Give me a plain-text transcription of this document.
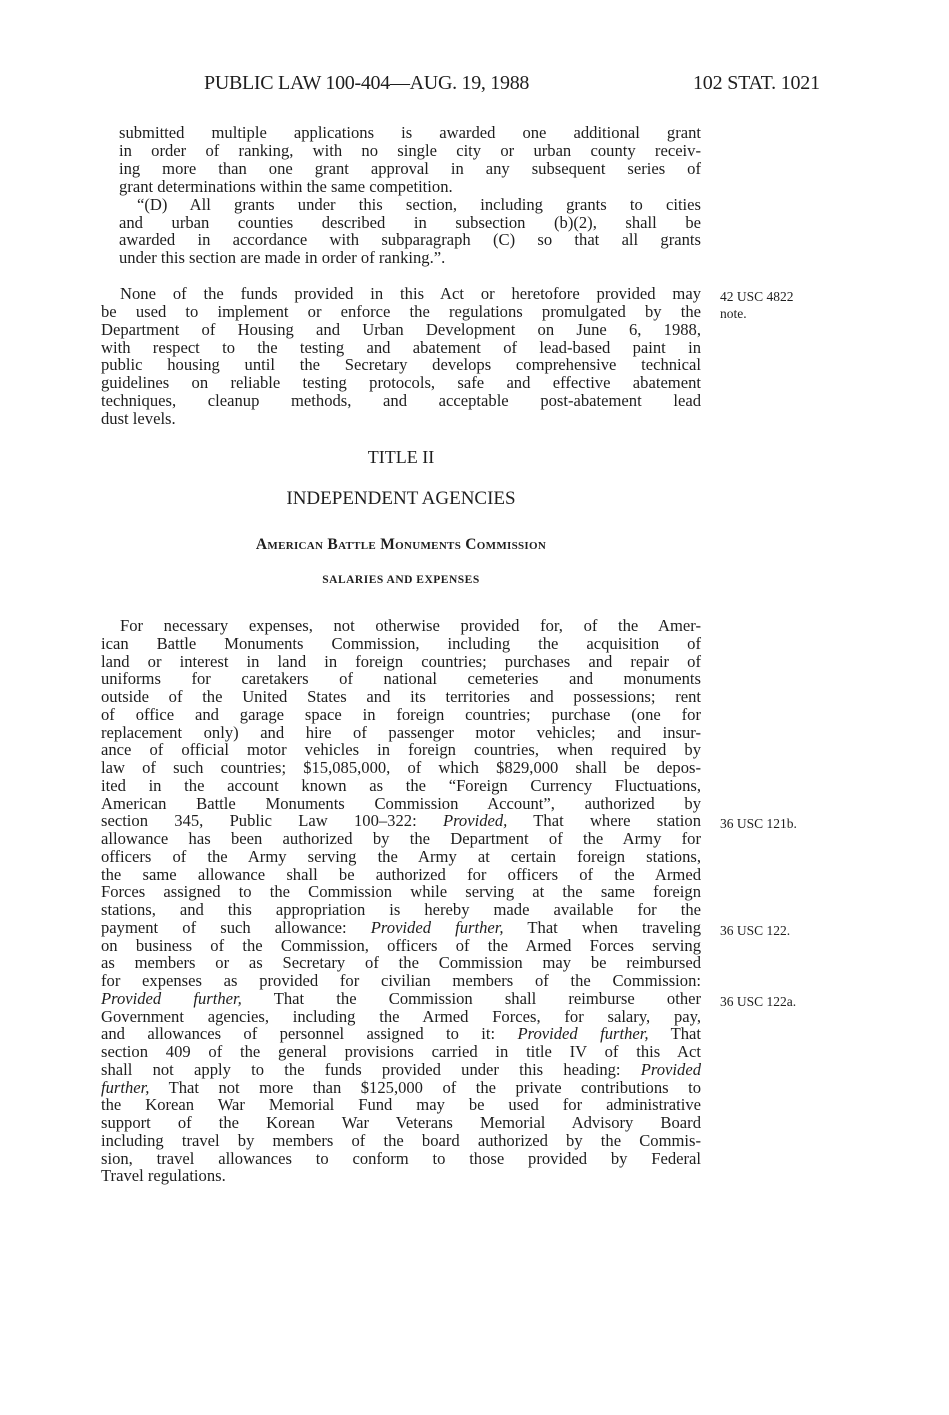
PUBLIC LAW 100-404—AUG. 19, 1988	102 STAT. 1021
submitted multiple applications is awarded one additional grant
in order of ranking, with no single city or urban county receiv-
ing more than one grant approval in any subsequent series of
grant determinations within the same competition.
“(D) All grants under this section, including grants to cities
and urban counties described in subsection (b)(2), shall be
awarded in accordance with subparagraph (C) so that all grants
under this section are made in order of ranking.”.
None of the funds provided in this Act or heretofore provided may
be used to implement or enforce the regulations promulgated by the
Department of Housing and Urban Development on June 6, 1988,
with respect to the testing and abatement of lead-based paint in
public housing until the Secretary develops comprehensive technical
guidelines on reliable testing protocols, safe and effective abatement
techniques, cleanup methods, and acceptable post-abatement lead
dust levels.
42 USC 4822
note.
TITLE II
INDEPENDENT AGENCIES
American Battle Monuments Commission
SALARIES AND EXPENSES
For necessary expenses, not otherwise provided for, of the Amer-
ican Battle Monuments Commission, including the acquisition of
land or interest in land in foreign countries; purchases and repair of
uniforms for caretakers of national cemeteries and monuments
outside of the United States and its territories and possessions; rent
of office and garage space in foreign countries; purchase (one for
replacement only) and hire of passenger motor vehicles; and insur-
ance of official motor vehicles in foreign countries, when required by
law of such countries; $15,085,000, of which $829,000 shall be depos-
ited in the account known as the “Foreign Currency Fluctuations,
American Battle Monuments Commission Account”, authorized by
section 345, Public Law 100–322: Provided, That where station
allowance has been authorized by the Department of the Army for
officers of the Army serving the Army at certain foreign stations,
the same allowance shall be authorized for officers of the Armed
Forces assigned to the Commission while serving at the same foreign
stations, and this appropriation is hereby made available for the
payment of such allowance: Provided further, That when traveling
on business of the Commission, officers of the Armed Forces serving
as members or as Secretary of the Commission may be reimbursed
for expenses as provided for civilian members of the Commission:
Provided further, That the Commission shall reimburse other
Government agencies, including the Armed Forces, for salary, pay,
and allowances of personnel assigned to it: Provided further, That
section 409 of the general provisions carried in title IV of this Act
shall not apply to the funds provided under this heading: Provided
further, That not more than $125,000 of the private contributions to
the Korean War Memorial Fund may be used for administrative
support of the Korean War Veterans Memorial Advisory Board
including travel by members of the board authorized by the Commis-
sion, travel allowances to conform to those provided by Federal
Travel regulations.
36 USC 121b.
36 USC 122.
36 USC 122a.
